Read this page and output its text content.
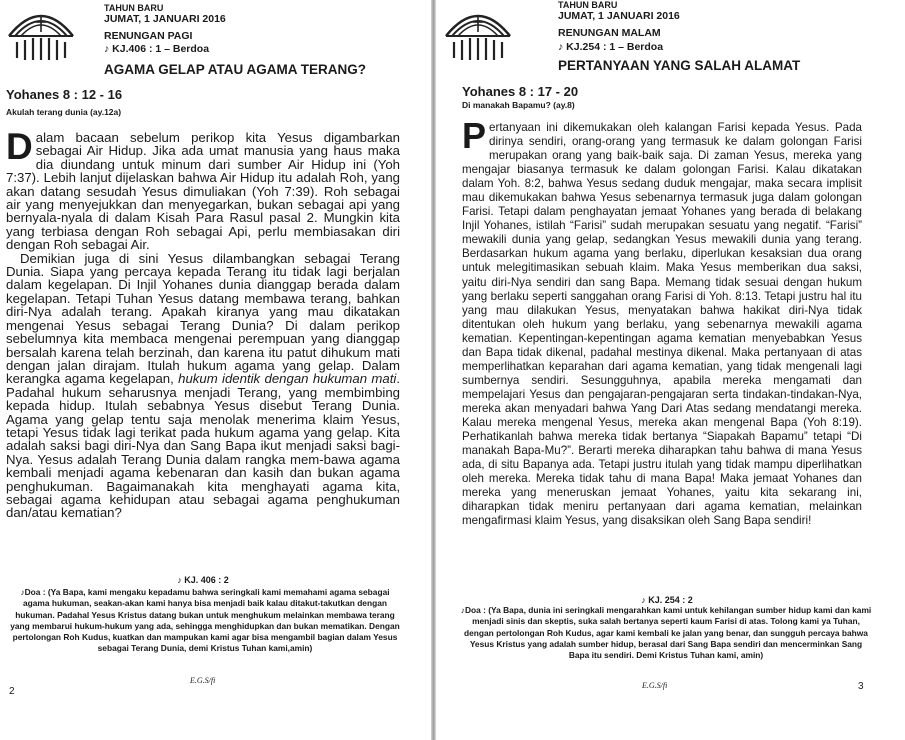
TAHUN BARU
JUMAT, 1 JANUARI 2016
RENUNGAN PAGI
♪ KJ.406 : 1 – Berdoa
AGAMA GELAP ATAU AGAMA TERANG?
Yohanes 8 : 12 - 16
Akulah terang dunia (ay.12a)

D alam bacaan sebelum perikop kita Yesus digambarkan sebagai Air Hidup. Jika ada umat manusia yang haus maka dia diundang untuk minum dari sumber Air Hidup ini (Yoh 7:37). Lebih lanjut dijelaskan bahwa Air Hidup itu adalah Roh, yang akan datang sesudah Yesus dimuliakan (Yoh 7:39). Roh sebagai air yang menyejukkan dan menyegarkan, bukan sebagai api yang bernyala-nyala di dalam Kisah Para Rasul pasal 2. Mungkin kita yang terbiasa dengan Roh sebagai Api, perlu membiasakan diri dengan Roh sebagai Air.

Demikian juga di sini Yesus dilambangkan sebagai Terang Dunia. Siapa yang percaya kepada Terang itu tidak lagi berjalan dalam kegelapan. Di Injil Yohanes dunia dianggap berada dalam kegelapan. Tetapi Tuhan Yesus datang membawa terang, bahkan diri-Nya adalah terang. Apakah kiranya yang mau dikatakan mengenai Yesus sebagai Terang Dunia? Di dalam perikop sebelumnya kita membaca mengenai perempuan yang dianggap bersalah karena telah berzinah, dan karena itu patut dihukum mati dengan jalan dirajam. Itulah hukum agama yang gelap. Dalam kerangka agama kegelapan, hukum identik dengan hukuman mati. Padahal hukum seharusnya menjadi Terang, yang membimbing kepada hidup. Itulah sebabnya Yesus disebut Terang Dunia. Agama yang gelap tentu saja menolak menerima klaim Yesus, tetapi Yesus tidak lagi terikat pada hukum agama yang gelap. Kita adalah saksi bagi diri-Nya dan Sang Bapa ikut menjadi saksi bagi-Nya. Yesus adalah Terang Dunia dalam rangka mem-bawa agama kembali menjadi agama kebenaran dan kasih dan bukan agama penghukuman. Bagaimanakah kita menghayati agama kita, sebagai agama kehidupan atau sebagai agama penghukuman dan/atau kematian?

♪ KJ. 406 : 2
♪Doa : (Ya Bapa, kami mengaku kepadamu bahwa seringkali kami memahami agama sebagai agama hukuman, seakan-akan kami hanya bisa menjadi baik kalau ditakut-takutkan dengan hukuman. Padahal Yesus Kristus datang bukan untuk menghukum melainkan membawa terang yang membarui hukum-hukum yang ada, sehingga menghidupkan dan bukan mematikan. Dengan pertolongan Roh Kudus, kuatkan dan mampukan kami agar bisa mengambil bagian dalam Yesus sebagai Terang Dunia, demi Kristus Tuhan kami,amin)
E.G.S/fi
2
TAHUN BARU
JUMAT, 1 JANUARI 2016
RENUNGAN MALAM
♪ KJ.254 : 1 – Berdoa
PERTANYAAN YANG SALAH ALAMAT
Yohanes 8 : 17 - 20
Di manakah Bapamu? (ay.8)

P ertanyaan ini dikemukakan oleh kalangan Farisi kepada Yesus. Pada dirinya sendiri, orang-orang yang termasuk ke dalam golongan Farisi merupakan orang yang baik-baik saja. Di zaman Yesus, mereka yang mengajar biasanya termasuk ke dalam golongan Farisi. Kalau dikatakan dalam Yoh. 8:2, bahwa Yesus sedang duduk mengajar, maka secara implisit mau dikemukakan bahwa Yesus sebenarnya termasuk juga dalam golongan Farisi. Tetapi dalam penghayatan jemaat Yohanes yang berada di belakang Injil Yohanes, istilah “Farisi” sudah merupakan sesuatu yang negatif. “Farisi” mewakili dunia yang gelap, sedangkan Yesus mewakili dunia yang terang. Berdasarkan hukum agama yang berlaku, diperlukan kesaksian dua orang untuk melegitimasikan sebuah klaim. Maka Yesus memberikan dua saksi, yaitu diri-Nya sendiri dan sang Bapa. Memang tidak sesuai dengan hukum yang berlaku seperti sanggahan orang Farisi di Yoh. 8:13. Tetapi justru hal itu yang mau dilakukan Yesus, menyatakan bahwa hakikat diri-Nya tidak ditentukan oleh hukum yang berlaku, yang sebenarnya mewakili agama kematian. Kepentingan-kepentingan agama kematian menyebabkan Yesus dan Bapa tidak dikenal, padahal mestinya dikenal. Maka pertanyaan di atas memperlihatkan keparahan dari agama kematian, yang tidak mengenali lagi sumbernya sendiri. Sesungguhnya, apabila mereka mengamati dan mempelajari Yesus dan pengajaran-pengajaran serta tindakan-tindakan-Nya, mereka akan menyadari bahwa Yang Dari Atas sedang mendatangi mereka. Kalau mereka mengenal Yesus, mereka akan mengenal Bapa (Yoh 8:19). Perhatikanlah bahwa mereka tidak bertanya “Siapakah Bapamu” tetapi “Di manakah Bapa-Mu?”. Berarti mereka diharapkan tahu bahwa di mana Yesus ada, di situ Bapanya ada. Tetapi justru itulah yang tidak mampu diperlihatkan oleh mereka. Mereka tidak tahu di mana Bapa! Maka jemaat Yohanes dan mereka yang meneruskan jemaat Yohanes, yaitu kita sekarang ini, diharapkan tidak meniru pertanyaan dari agama kematian, melainkan mengafirmasi klaim Yesus, yang disaksikan oleh Sang Bapa sendiri!

♪ KJ. 254 : 2
♪Doa : (Ya Bapa, dunia ini seringkali mengarahkan kami untuk kehilangan sumber hidup kami dan kami menjadi sinis dan skeptis, suka salah bertanya seperti kaum Farisi di atas. Tolong kami ya Tuhan, dengan pertolongan Roh Kudus, agar kami kembali ke jalan yang benar, dan sungguh percaya bahwa Yesus Kristus yang adalah sumber hidup, berasal dari Sang Bapa sendiri dan mencerminkan Sang Bapa itu sendiri. Demi Kristus Tuhan kami, amin)
E.G.S/fi	3
